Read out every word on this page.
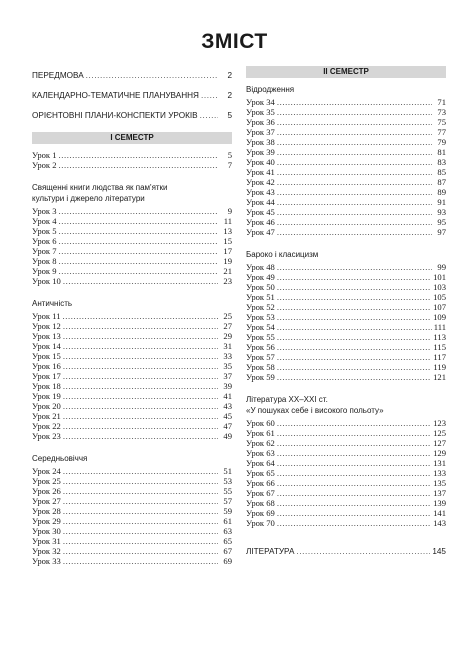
ЗМІСТ
ПЕРЕДМОВА .....	2
КАЛЕНДАРНО-ТЕМАТИЧНЕ ПЛАНУВАННЯ .....	2
ОРІЄНТОВНІ ПЛАНИ-КОНСПЕКТИ УРОКІВ .....	5
І СЕМЕСТР
Урок 1 .....	5
Урок 2 .....	7
Священні книги людства як пам'ятки
культури і джерело літератури
Урок 3 .....	9
Урок 4 .....	11
Урок 5 .....	13
Урок 6 .....	15
Урок 7 .....	17
Урок 8 .....	19
Урок 9 .....	21
Урок 10 .....	23
Античність
Урок 11 .....	25
Урок 12 .....	27
Урок 13 .....	29
Урок 14 .....	31
Урок 15 .....	33
Урок 16 .....	35
Урок 17 .....	37
Урок 18 .....	39
Урок 19 .....	41
Урок 20 .....	43
Урок 21 .....	45
Урок 22 .....	47
Урок 23 .....	49
Середньовіччя
Урок 24 .....	51
Урок 25 .....	53
Урок 26 .....	55
Урок 27 .....	57
Урок 28 .....	59
Урок 29 .....	61
Урок 30 .....	63
Урок 31 .....	65
Урок 32 .....	67
Урок 33 .....	69
ІІ СЕМЕСТР
Відродження
Урок 34 .....	71
Урок 35 .....	73
Урок 36 .....	75
Урок 37 .....	77
Урок 38 .....	79
Урок 39 .....	81
Урок 40 .....	83
Урок 41 .....	85
Урок 42 .....	87
Урок 43 .....	89
Урок 44 .....	91
Урок 45 .....	93
Урок 46 .....	95
Урок 47 .....	97
Бароко і класицизм
Урок 48 .....	99
Урок 49 .....	101
Урок 50 .....	103
Урок 51 .....	105
Урок 52 .....	107
Урок 53 .....	109
Урок 54 .....	111
Урок 55 .....	113
Урок 56 .....	115
Урок 57 .....	117
Урок 58 .....	119
Урок 59 .....	121
Література ХХ–ХХІ ст.
«У пошуках себе і високого польоту»
Урок 60 .....	123
Урок 61 .....	125
Урок 62 .....	127
Урок 63 .....	129
Урок 64 .....	131
Урок 65 .....	133
Урок 66 .....	135
Урок 67 .....	137
Урок 68 .....	139
Урок 69 .....	141
Урок 70 .....	143
ЛІТЕРАТУРА .....	145
